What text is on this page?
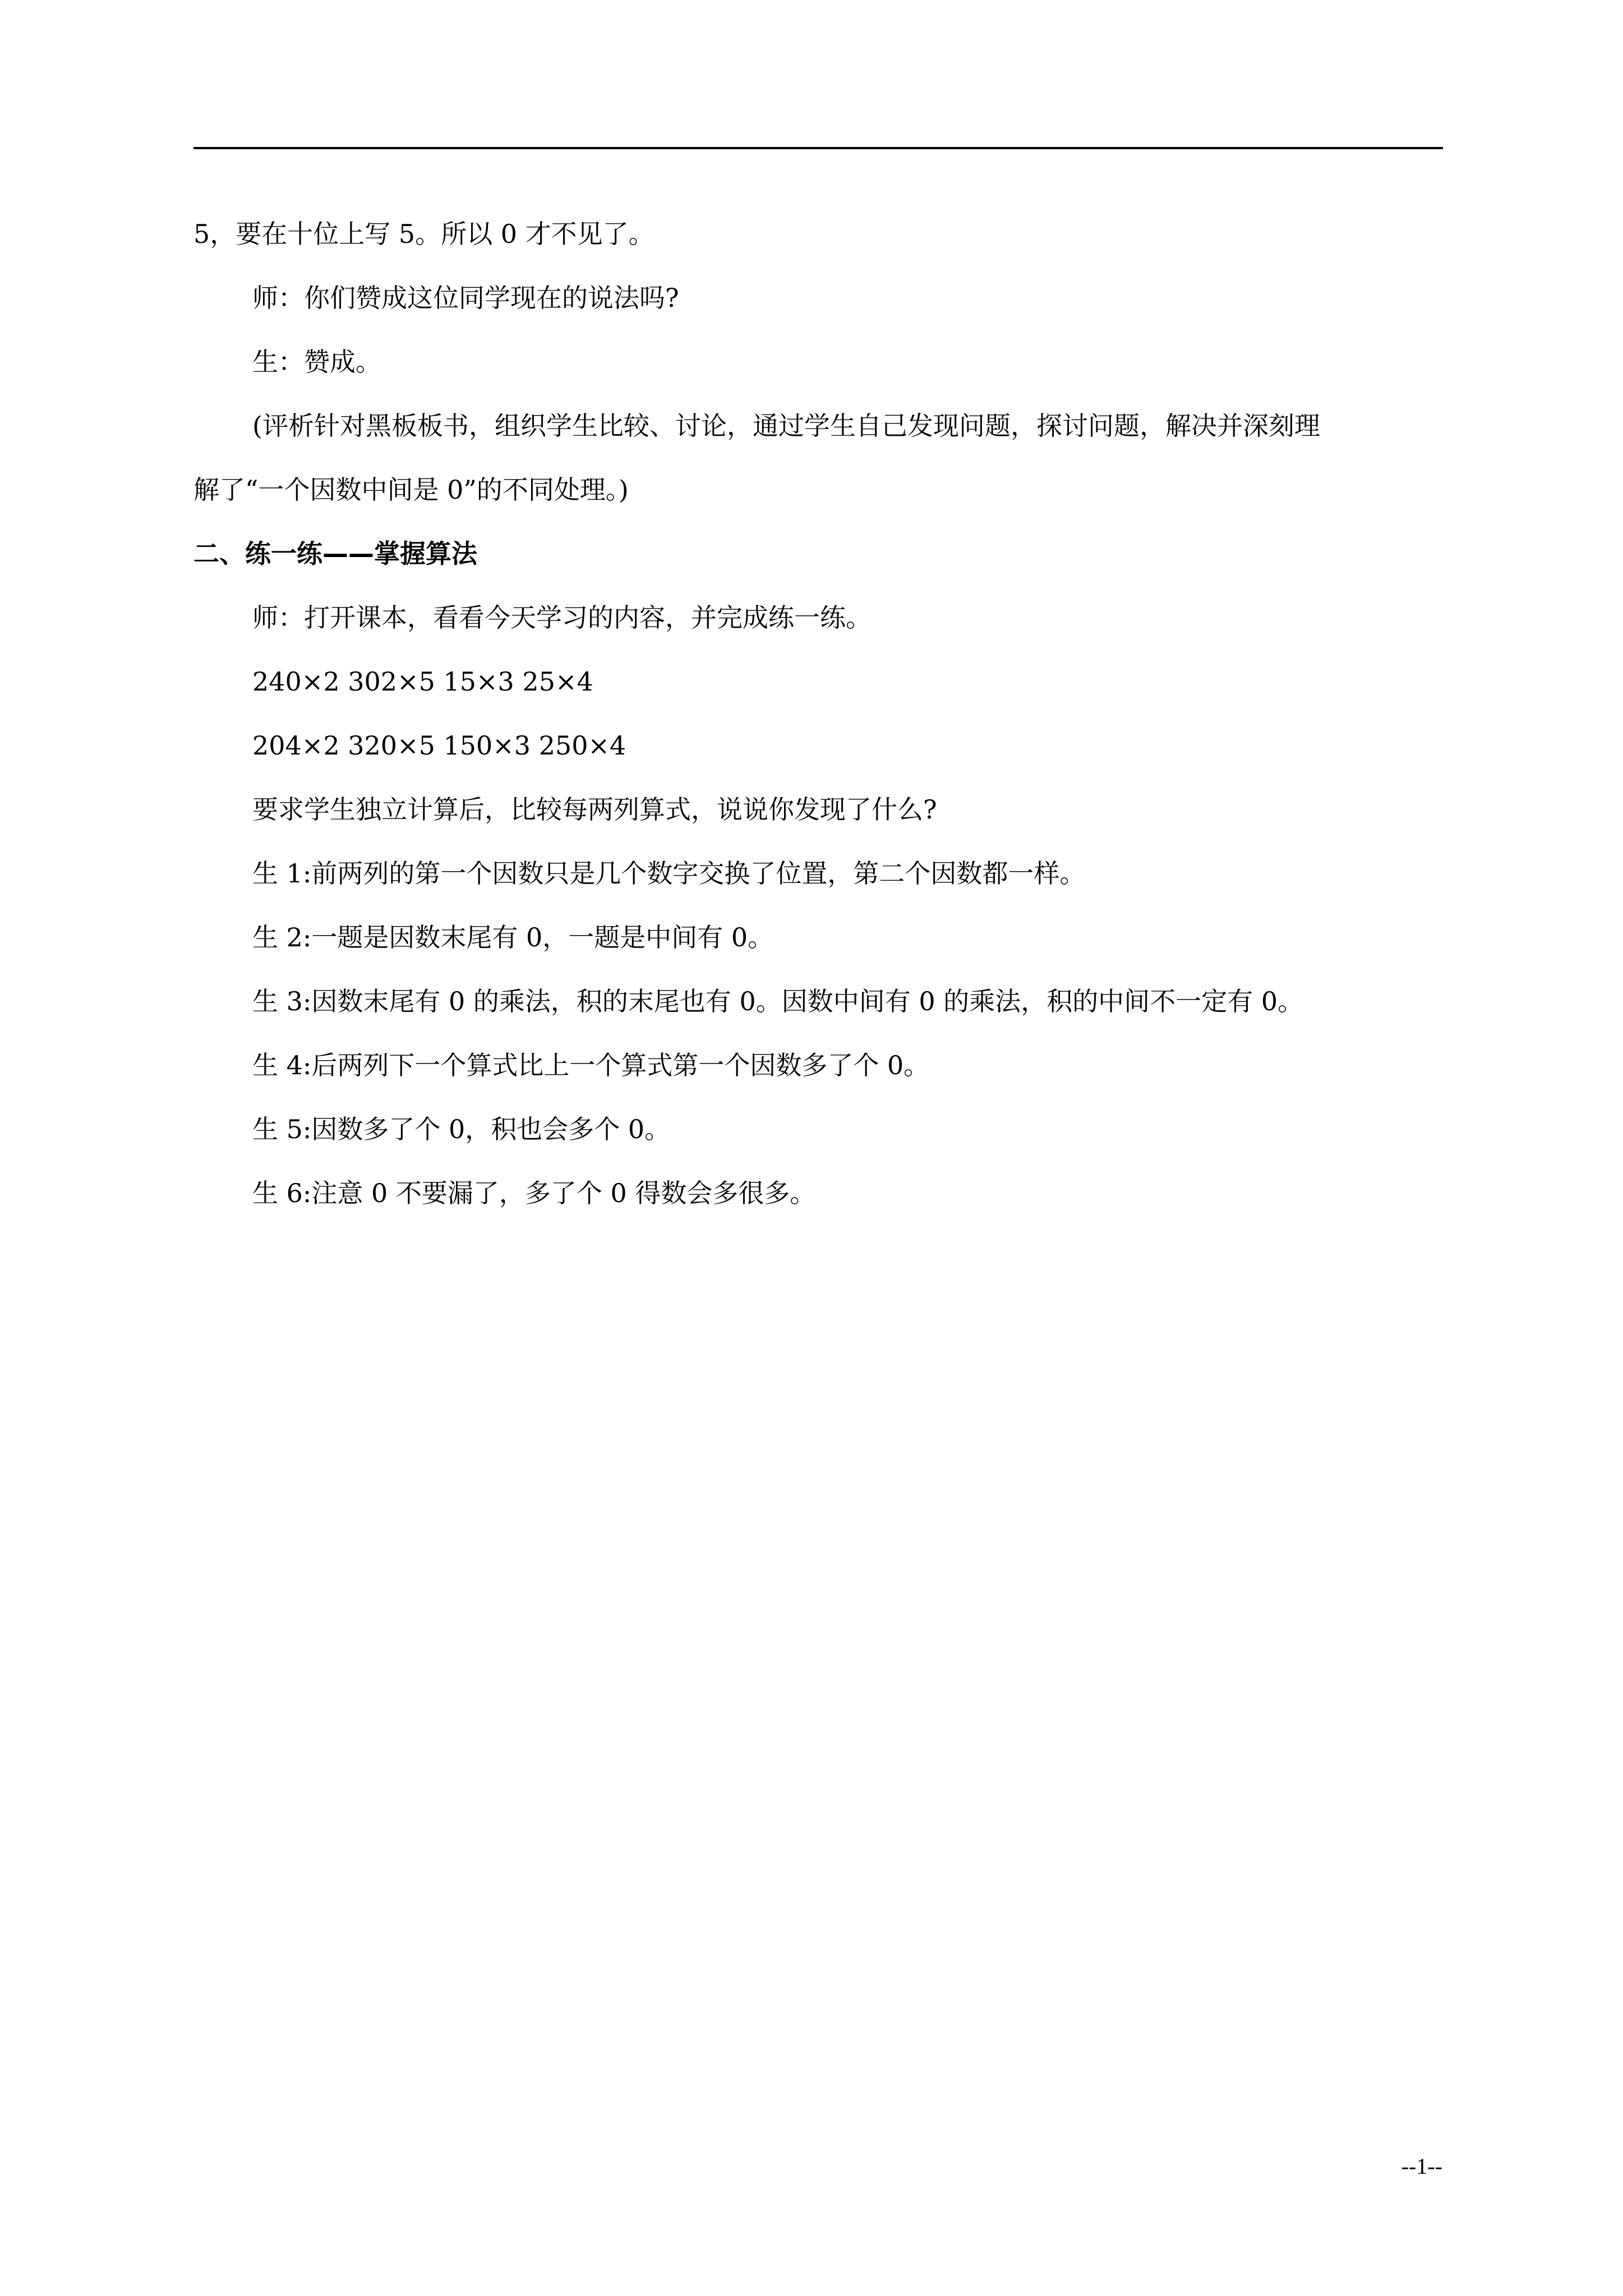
5，要在十位上写 5。所以 0 才不见了。
师：你们赞成这位同学现在的说法吗?
生：赞成。
(评析针对黑板板书，组织学生比较、讨论，通过学生自己发现问题，探讨问题，解决并深刻理
解了“一个因数中间是 0”的不同处理。)
二、练一练——掌握算法
师：打开课本，看看今天学习的内容，并完成练一练。
240×2 302×5 15×3 25×4
204×2 320×5 150×3 250×4
要求学生独立计算后，比较每两列算式，说说你发现了什么?
生 1:前两列的第一个因数只是几个数字交换了位置，第二个因数都一样。
生 2:一题是因数末尾有 0，一题是中间有 0。
生 3:因数末尾有 0 的乘法，积的末尾也有 0。因数中间有 0 的乘法，积的中间不一定有 0。
生 4:后两列下一个算式比上一个算式第一个因数多了个 0。
生 5:因数多了个 0，积也会多个 0。
生 6:注意 0 不要漏了，多了个 0 得数会多很多。
--1--
